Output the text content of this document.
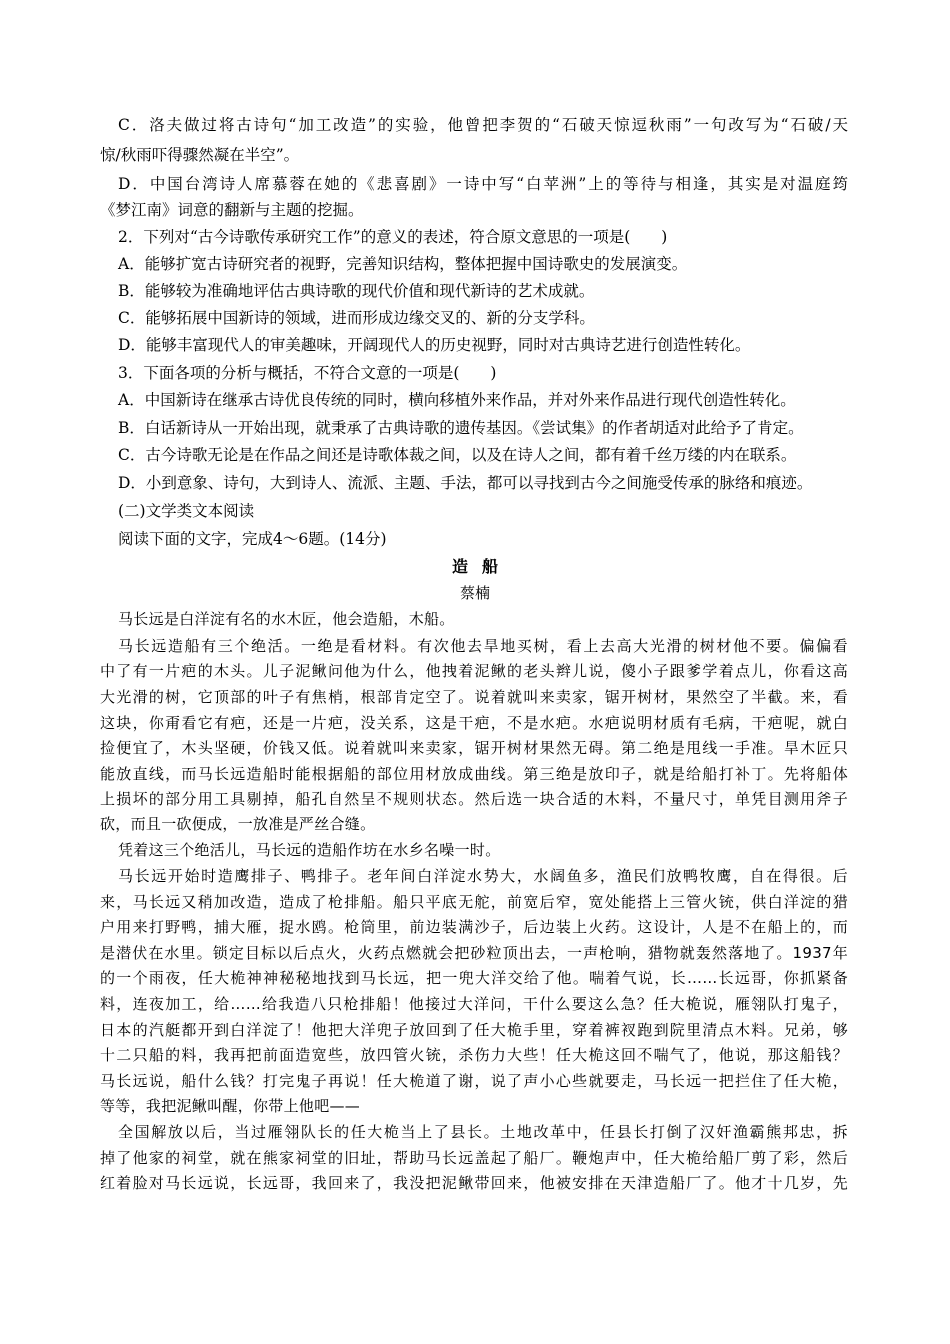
C．洛夫做过将古诗句“加工改造”的实验，他曾把李贺的“石破天惊逗秋雨”一句改写为“石破/天
惊/秋雨吓得骤然凝在半空”。
D．中国台湾诗人席慕蓉在她的《悲喜剧》一诗中写“白苹洲”上的等待与相逢，其实是对温庭筠
《梦江南》词意的翻新与主题的挖掘。
2．下列对“古今诗歌传承研究工作”的意义的表述，符合原文意思的一项是(　　)
A．能够扩宽古诗研究者的视野，完善知识结构，整体把握中国诗歌史的发展演变。
B．能够较为准确地评估古典诗歌的现代价值和现代新诗的艺术成就。
C．能够拓展中国新诗的领域，进而形成边缘交叉的、新的分支学科。
D．能够丰富现代人的审美趣味，开阔现代人的历史视野，同时对古典诗艺进行创造性转化。
3．下面各项的分析与概括，不符合文意的一项是(　　)
A．中国新诗在继承古诗优良传统的同时，横向移植外来作品，并对外来作品进行现代创造性转化。
B．白话新诗从一开始出现，就秉承了古典诗歌的遗传基因。《尝试集》的作者胡适对此给予了肯定。
C．古今诗歌无论是在作品之间还是诗歌体裁之间，以及在诗人之间，都有着千丝万缕的内在联系。
D．小到意象、诗句，大到诗人、流派、主题、手法，都可以寻找到古今之间施受传承的脉络和痕迹。
(二)文学类文本阅读
阅读下面的文字，完成4～6题。(14分)
造船
蔡楠
马长远是白洋淀有名的水木匠，他会造船，木船。
马长远造船有三个绝活。一绝是看材料。有次他去旱地买树，看上去高大光滑的树材他不要。偏偏看
中了有一片疤的木头。儿子泥鳅问他为什么，他拽着泥鳅的老头辫儿说，傻小子跟爹学着点儿，你看这高
大光滑的树，它顶部的叶子有焦梢，根部肯定空了。说着就叫来卖家，锯开树材，果然空了半截。来，看
这块，你甭看它有疤，还是一片疤，没关系，这是干疤，不是水疤。水疤说明材质有毛病，干疤呢，就白
捡便宜了，木头坚硬，价钱又低。说着就叫来卖家，锯开树材果然无碍。第二绝是甩线一手准。旱木匠只
能放直线，而马长远造船时能根据船的部位用材放成曲线。第三绝是放印子，就是给船打补丁。先将船体
上损坏的部分用工具剔掉，船孔自然呈不规则状态。然后选一块合适的木料，不量尺寸，单凭目测用斧子
砍，而且一砍便成，一放准是严丝合缝。
凭着这三个绝活儿，马长远的造船作坊在水乡名噪一时。
马长远开始时造鹰排子、鸭排子。老年间白洋淀水势大，水阔鱼多，渔民们放鸭牧鹰，自在得很。后
来，马长远又稍加改造，造成了枪排船。船只平底无舵，前宽后窄，宽处能搭上三管火铳，供白洋淀的猎
户用来打野鸭，捕大雁，捉水鸥。枪筒里，前边装满沙子，后边装上火药。这设计，人是不在船上的，而
是潜伏在水里。锁定目标以后点火，火药点燃就会把砂粒顶出去，一声枪响，猎物就轰然落地了。1937年
的一个雨夜，任大桅神神秘秘地找到马长远，把一兜大洋交给了他。喘着气说，长……长远哥，你抓紧备
料，连夜加工，给……给我造八只枪排船！他接过大洋问，干什么要这么急？任大桅说，雁翎队打鬼子，
日本的汽艇都开到白洋淀了！他把大洋兜子放回到了任大桅手里，穿着裤衩跑到院里清点木料。兄弟，够
十二只船的料，我再把前面造宽些，放四管火铳，杀伤力大些！任大桅这回不喘气了，他说，那这船钱？
马长远说，船什么钱？打完鬼子再说！任大桅道了谢，说了声小心些就要走，马长远一把拦住了任大桅，
等等，我把泥鳅叫醒，你带上他吧——
全国解放以后，当过雁翎队长的任大桅当上了县长。土地改革中，任县长打倒了汉奸渔霸熊邦忠，拆
掉了他家的祠堂，就在熊家祠堂的旧址，帮助马长远盖起了船厂。鞭炮声中，任大桅给船厂剪了彩，然后
红着脸对马长远说，长远哥，我回来了，我没把泥鳅带回来，他被安排在天津造船厂了。他才十几岁，先
